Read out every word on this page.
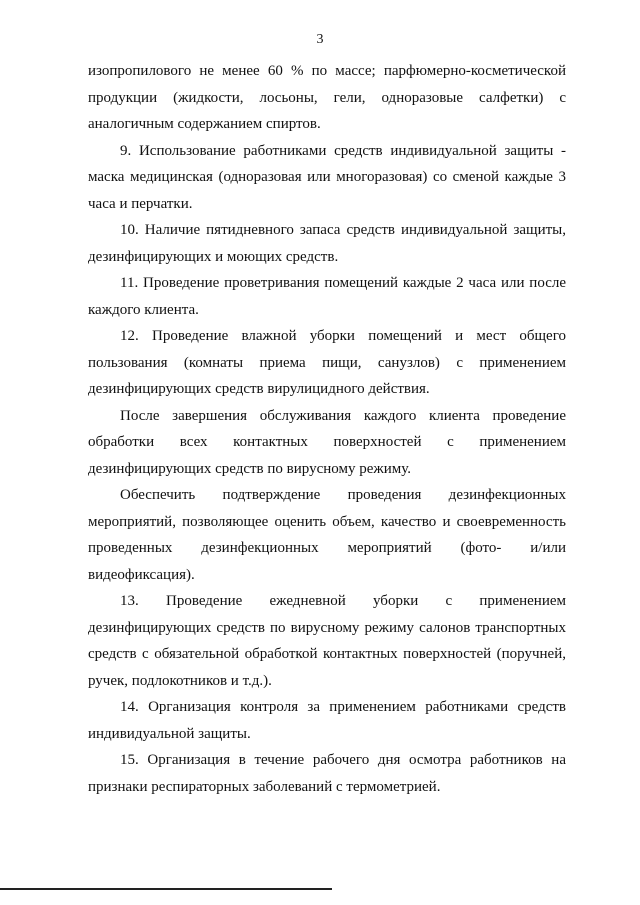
3

изопропилового не менее 60 % по массе; парфюмерно-косметической продукции (жидкости, лосьоны, гели, одноразовые салфетки) с аналогичным содержанием спиртов.

9. Использование работниками средств индивидуальной защиты - маска медицинская (одноразовая или многоразовая) со сменой каждые 3 часа и перчатки.

10. Наличие пятидневного запаса средств индивидуальной защиты, дезинфицирующих и моющих средств.

11. Проведение проветривания помещений каждые 2 часа или после каждого клиента.

12. Проведение влажной уборки помещений и мест общего пользования (комнаты приема пищи, санузлов) с применением дезинфицирующих средств вирулицидного действия.

После завершения обслуживания каждого клиента проведение обработки всех контактных поверхностей с применением дезинфицирующих средств по вирусному режиму.

Обеспечить подтверждение проведения дезинфекционных мероприятий, позволяющее оценить объем, качество и своевременность проведенных дезинфекционных мероприятий (фото- и/или видеофиксация).

13. Проведение ежедневной уборки с применением дезинфицирующих средств по вирусному режиму салонов транспортных средств с обязательной обработкой контактных поверхностей (поручней, ручек, подлокотников и т.д.).

14. Организация контроля за применением работниками средств индивидуальной защиты.

15. Организация в течение рабочего дня осмотра работников на признаки респираторных заболеваний с термометрией.
